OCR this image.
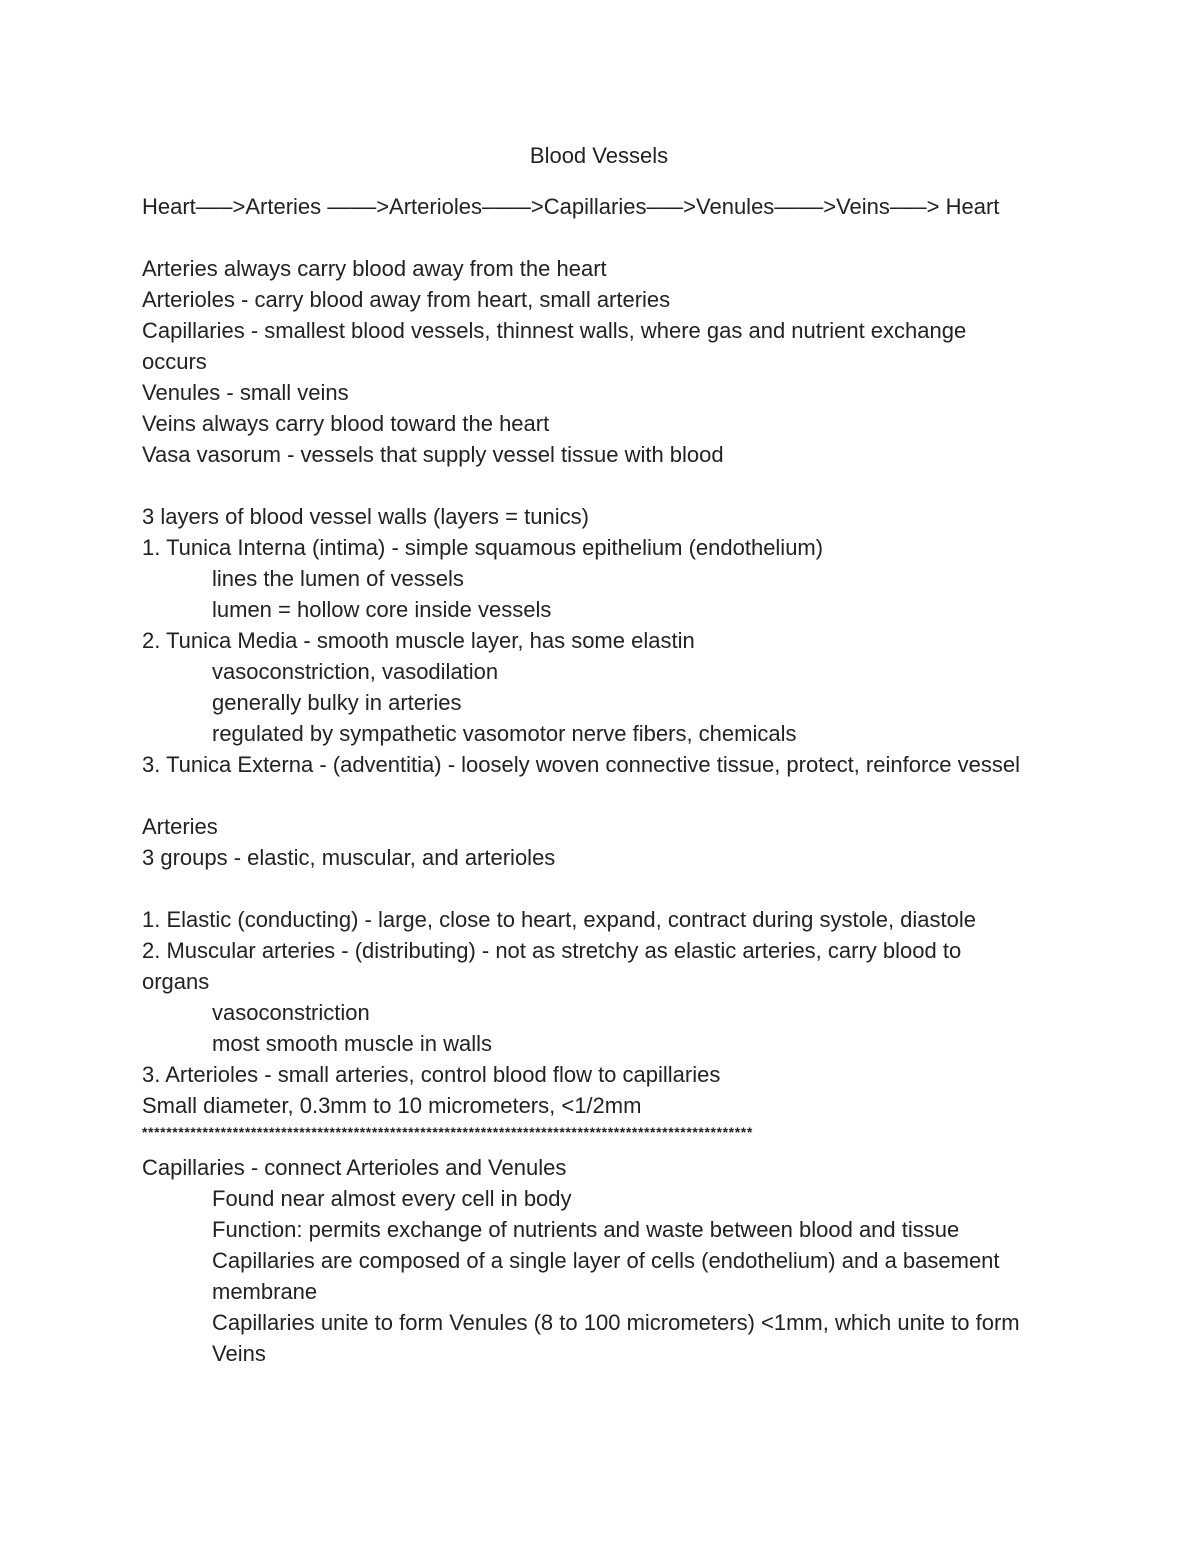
Blood Vessels
Heart–––>Arteries ––––>Arterioles––––>Capillaries–––>Venules––––>Veins–––> Heart
Arteries always carry blood away from the heart
Arterioles - carry blood away from heart, small arteries
Capillaries - smallest blood vessels, thinnest walls, where gas and nutrient exchange occurs
Venules - small veins
Veins always carry blood toward the heart
Vasa vasorum - vessels that supply vessel tissue with blood
3 layers of blood vessel walls (layers = tunics)
1. Tunica Interna (intima) - simple squamous epithelium (endothelium)
lines the lumen of vessels
lumen = hollow core inside vessels
2. Tunica Media - smooth muscle layer, has some elastin
vasoconstriction, vasodilation
generally bulky in arteries
regulated by sympathetic vasomotor nerve fibers, chemicals
3. Tunica Externa - (adventitia) - loosely woven connective tissue, protect, reinforce vessel
Arteries
3 groups - elastic, muscular, and arterioles
1. Elastic (conducting) - large, close to heart, expand, contract during systole, diastole
2. Muscular arteries - (distributing) - not as stretchy as elastic arteries, carry blood to organs
vasoconstriction
most smooth muscle in walls
3. Arterioles - small arteries, control blood flow to capillaries
Small diameter, 0.3mm to 10 micrometers, <1/2mm
*****************************************************************************************************
Capillaries - connect Arterioles and Venules
Found near almost every cell in body
Function: permits exchange of nutrients and waste between blood and tissue
Capillaries are composed of a single layer of cells (endothelium) and a basement membrane
Capillaries unite to form Venules (8 to 100 micrometers) <1mm, which unite to form Veins
